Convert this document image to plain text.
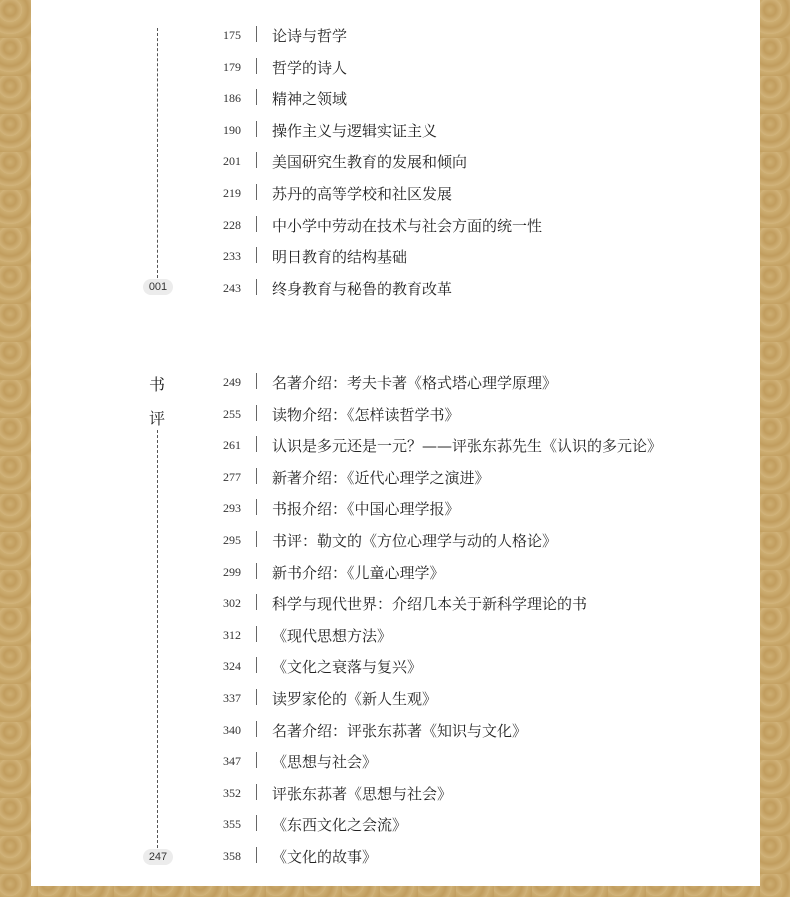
001
书
评
247
175 论诗与哲学
179 哲学的诗人
186 精神之领域
190 操作主义与逻辑实证主义
201 美国研究生教育的发展和倾向
219 苏丹的高等学校和社区发展
228 中小学中劳动在技术与社会方面的统一性
233 明日教育的结构基础
243 终身教育与秘鲁的教育改革
249 名著介绍：考夫卡著《格式塔心理学原理》
255 读物介绍：《怎样读哲学书》
261 认识是多元还是一元？——评张东荪先生《认识的多元论》
277 新著介绍：《近代心理学之演进》
293 书报介绍：《中国心理学报》
295 书评：勒文的《方位心理学与动的人格论》
299 新书介绍：《儿童心理学》
302 科学与现代世界：介绍几本关于新科学理论的书
312 《现代思想方法》
324 《文化之衰落与复兴》
337 读罗家伦的《新人生观》
340 名著介绍：评张东荪著《知识与文化》
347 《思想与社会》
352 评张东荪著《思想与社会》
355 《东西文化之会流》
358 《文化的故事》
